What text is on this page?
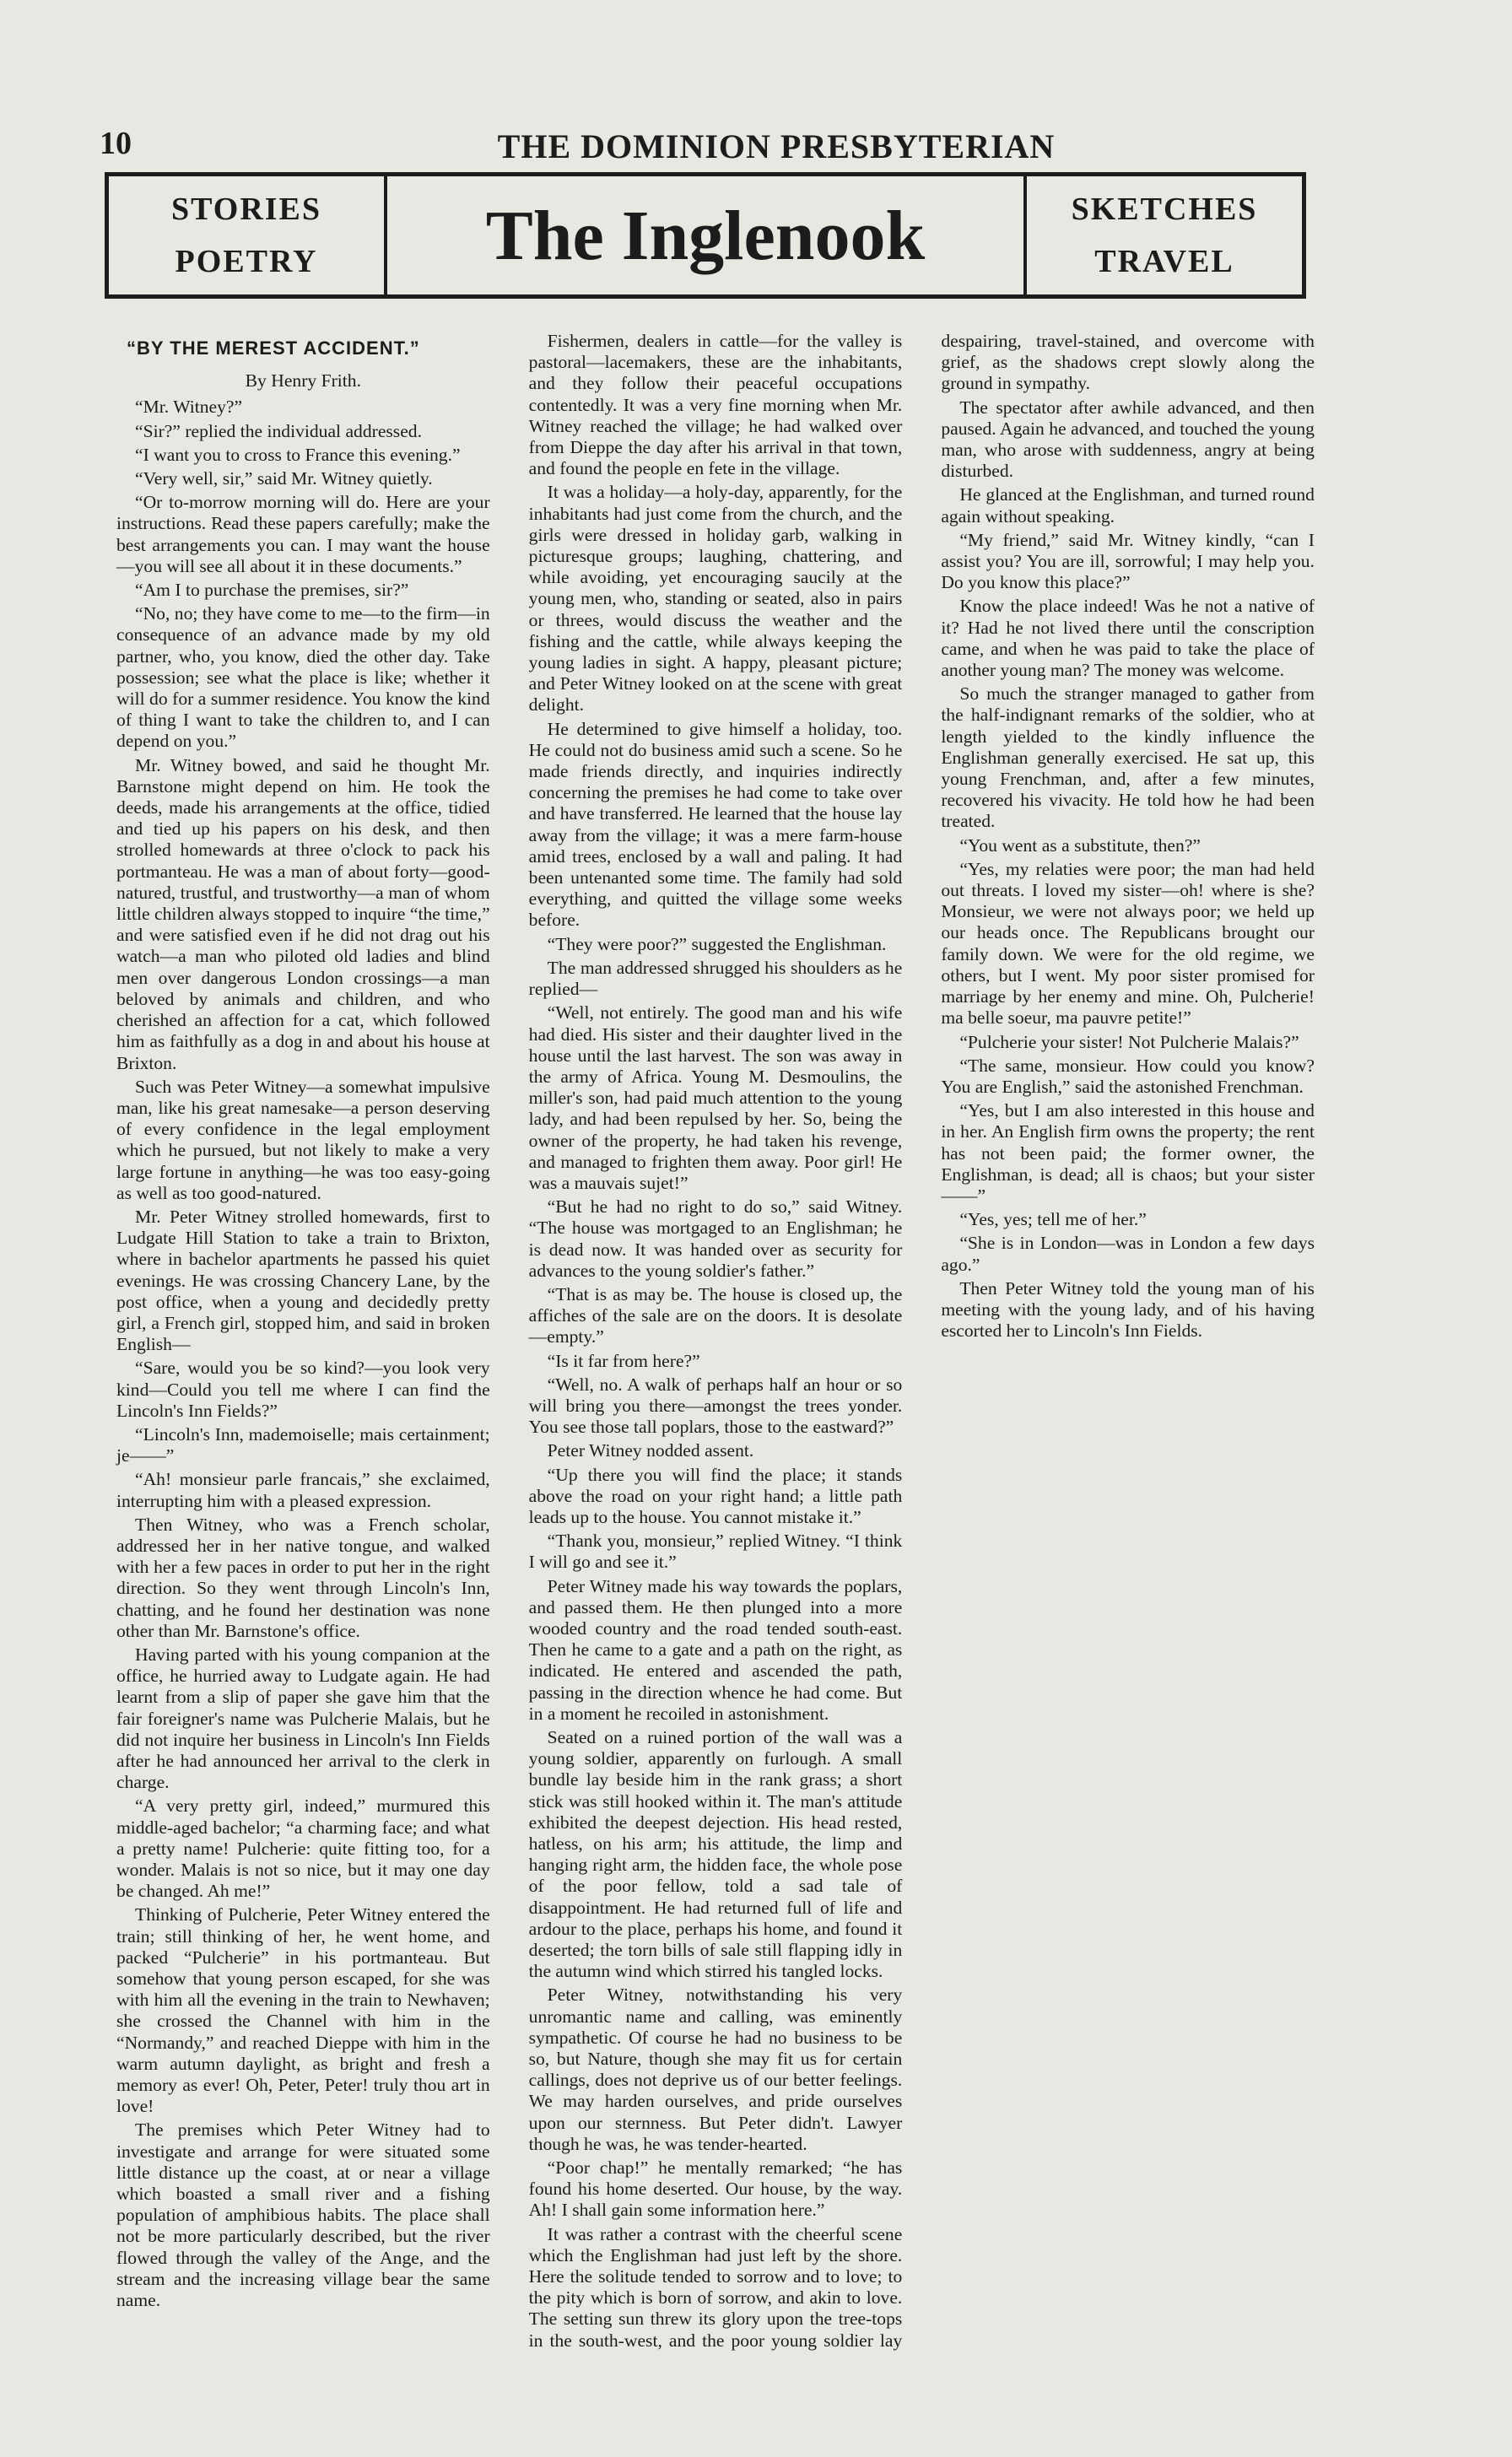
10	THE DOMINION PRESBYTERIAN
STORIES
POETRY	The Inglenook	SKETCHES
TRAVEL
“BY THE MEREST ACCIDENT.”
By Henry Frith.

“Mr. Witney?”

“Sir?” replied the individual addressed.

“I want you to cross to France this evening.”

“Very well, sir,” said Mr. Witney quietly.

“Or to-morrow morning will do. Here are your instructions. Read these papers carefully; make the best arrangements you can. I may want the house—you will see all about it in these documents.”

“Am I to purchase the premises, sir?”

“No, no; they have come to me—to the firm—in consequence of an advance made by my old partner, who, you know, died the other day. Take possession; see what the place is like; whether it will do for a summer residence. You know the kind of thing I want to take the children to, and I can depend on you.”

Mr. Witney bowed, and said he thought Mr. Barnstone might depend on him. He took the deeds, made his arrangements at the office, tidied and tied up his papers on his desk, and then strolled homewards at three o'clock to pack his portmanteau. He was a man of about forty—good-natured, trustful, and trustworthy—a man of whom little children always stopped to inquire “the time,” and were satisfied even if he did not drag out his watch—a man who piloted old ladies and blind men over dangerous London crossings—a man beloved by animals and children, and who cherished an affection for a cat, which followed him as faithfully as a dog in and about his house at Brixton.

Such was Peter Witney—a somewhat impulsive man, like his great namesake—a person deserving of every confidence in the legal employment which he pursued, but not likely to make a very large fortune in anything—he was too easy-going as well as too good-natured.

Mr. Peter Witney strolled homewards, first to Ludgate Hill Station to take a train to Brixton, where in bachelor apartments he passed his quiet evenings. He was crossing Chancery Lane, by the post office, when a young and decidedly pretty girl, a French girl, stopped him, and said in broken English—

“Sare, would you be so kind?—you look very kind—Could you tell me where I can find the Lincoln's Inn Fields?”

“Lincoln's Inn, mademoiselle; mais certainment; je——”

“Ah! monsieur parle francais,” she exclaimed, interrupting him with a pleased expression.

Then Witney, who was a French scholar, addressed her in her native tongue, and walked with her a few paces in order to put her in the right direction. So they went through Lincoln's Inn, chatting, and he found her destination was none other than Mr. Barnstone's office.

Having parted with his young companion at the office, he hurried away to Ludgate again. He had learnt from a slip of paper she gave him that the fair foreigner's name was Pulcherie Malais, but he did not inquire her business in Lincoln's Inn Fields after he had announced her arrival to the clerk in charge.

“A very pretty girl, indeed,” murmured this middle-aged bachelor; “a charming face; and what a pretty name! Pulcherie: quite fitting too, for a wonder. Malais is not so nice, but it may one day be changed. Ah me!”

Thinking of Pulcherie, Peter Witney entered the train; still thinking of her, he went home, and packed “Pulcherie” in his portmanteau. But somehow that young person escaped, for she was with him all the evening in the train to Newhaven; she crossed the Channel with him in the “Normandy,” and reached Dieppe with him in the warm autumn daylight, as bright and fresh a memory as ever! Oh, Peter, Peter! truly thou art in love!

The premises which Peter Witney had to investigate and arrange for were situated some little distance up the coast, at or near a village which boasted a small river and a fishing population of amphibious habits. The place shall not be more particularly described, but the river flowed through the valley of the Ange, and the stream and the increasing village bear the same name.

Fishermen, dealers in cattle—for the valley is pastoral—lacemakers, these are the inhabitants, and they follow their peaceful occupations contentedly. It was a very fine morning when Mr. Witney reached the village; he had walked over from Dieppe the day after his arrival in that town, and found the people en fete in the village.

It was a holiday—a holy-day, apparently, for the inhabitants had just come from the church, and the girls were dressed in holiday garb, walking in picturesque groups; laughing, chattering, and while avoiding, yet encouraging saucily at the young men, who, standing or seated, also in pairs or threes, would discuss the weather and the fishing and the cattle, while always keeping the young ladies in sight. A happy, pleasant picture; and Peter Witney looked on at the scene with great delight.

He determined to give himself a holiday, too. He could not do business amid such a scene. So he made friends directly, and inquiries indirectly concerning the premises he had come to take over and have transferred. He learned that the house lay away from the village; it was a mere farm-house amid trees, enclosed by a wall and paling. It had been untenanted some time. The family had sold everything, and quitted the village some weeks before.

“They were poor?” suggested the Englishman.

The man addressed shrugged his shoulders as he replied—

“Well, not entirely. The good man and his wife had died. His sister and their daughter lived in the house until the last harvest. The son was away in the army of Africa. Young M. Desmoulins, the miller's son, had paid much attention to the young lady, and had been repulsed by her. So, being the owner of the property, he had taken his revenge, and managed to frighten them away. Poor girl! He was a mauvais sujet!”

“But he had no right to do so,” said Witney. “The house was mortgaged to an Englishman; he is dead now. It was handed over as security for advances to the young soldier's father.”

“That is as may be. The house is closed up, the affiches of the sale are on the doors. It is desolate—empty.”

“Is it far from here?”

“Well, no. A walk of perhaps half an hour or so will bring you there—amongst the trees yonder. You see those tall poplars, those to the eastward?”

Peter Witney nodded assent.

“Up there you will find the place; it stands above the road on your right hand; a little path leads up to the house. You cannot mistake it.”

“Thank you, monsieur,” replied Witney. “I think I will go and see it.”

Peter Witney made his way towards the poplars, and passed them. He then plunged into a more wooded country and the road tended south-east. Then he came to a gate and a path on the right, as indicated. He entered and ascended the path, passing in the direction whence he had come. But in a moment he recoiled in astonishment.

Seated on a ruined portion of the wall was a young soldier, apparently on furlough. A small bundle lay beside him in the rank grass; a short stick was still hooked within it. The man's attitude exhibited the deepest dejection. His head rested, hatless, on his arm; his attitude, the limp and hanging right arm, the hidden face, the whole pose of the poor fellow, told a sad tale of disappointment. He had returned full of life and ardour to the place, perhaps his home, and found it deserted; the torn bills of sale still flapping idly in the autumn wind which stirred his tangled locks.

Peter Witney, notwithstanding his very unromantic name and calling, was eminently sympathetic. Of course he had no business to be so, but Nature, though she may fit us for certain callings, does not deprive us of our better feelings. We may harden ourselves, and pride ourselves upon our sternness. But Peter didn't. Lawyer though he was, he was tender-hearted.

“Poor chap!” he mentally remarked; “he has found his home deserted. Our house, by the way. Ah! I shall gain some information here.”

It was rather a contrast with the cheerful scene which the Englishman had just left by the shore. Here the solitude tended to sorrow and to love; to the pity which is born of sorrow, and akin to love. The setting sun threw its glory upon the tree-tops in the south-west, and the poor young soldier lay despairing, travel-stained, and overcome with grief, as the shadows crept slowly along the ground in sympathy.

The spectator after awhile advanced, and then paused. Again he advanced, and touched the young man, who arose with suddenness, angry at being disturbed.

He glanced at the Englishman, and turned round again without speaking.

“My friend,” said Mr. Witney kindly, “can I assist you? You are ill, sorrowful; I may help you. Do you know this place?”

Know the place indeed! Was he not a native of it? Had he not lived there until the conscription came, and when he was paid to take the place of another young man? The money was welcome.

So much the stranger managed to gather from the half-indignant remarks of the soldier, who at length yielded to the kindly influence the Englishman generally exercised. He sat up, this young Frenchman, and, after a few minutes, recovered his vivacity. He told how he had been treated.

“You went as a substitute, then?”

“Yes, my relaties were poor; the man had held out threats. I loved my sister—oh! where is she? Monsieur, we were not always poor; we held up our heads once. The Republicans brought our family down. We were for the old regime, we others, but I went. My poor sister promised for marriage by her enemy and mine. Oh, Pulcherie! ma belle soeur, ma pauvre petite!”

“Pulcherie your sister! Not Pulcherie Malais?”

“The same, monsieur. How could you know? You are English,” said the astonished Frenchman.

“Yes, but I am also interested in this house and in her. An English firm owns the property; the rent has not been paid; the former owner, the Englishman, is dead; all is chaos; but your sister——”

“Yes, yes; tell me of her.”

“She is in London—was in London a few days ago.”

Then Peter Witney told the young man of his meeting with the young lady, and of his having escorted her to Lincoln's Inn Fields.
